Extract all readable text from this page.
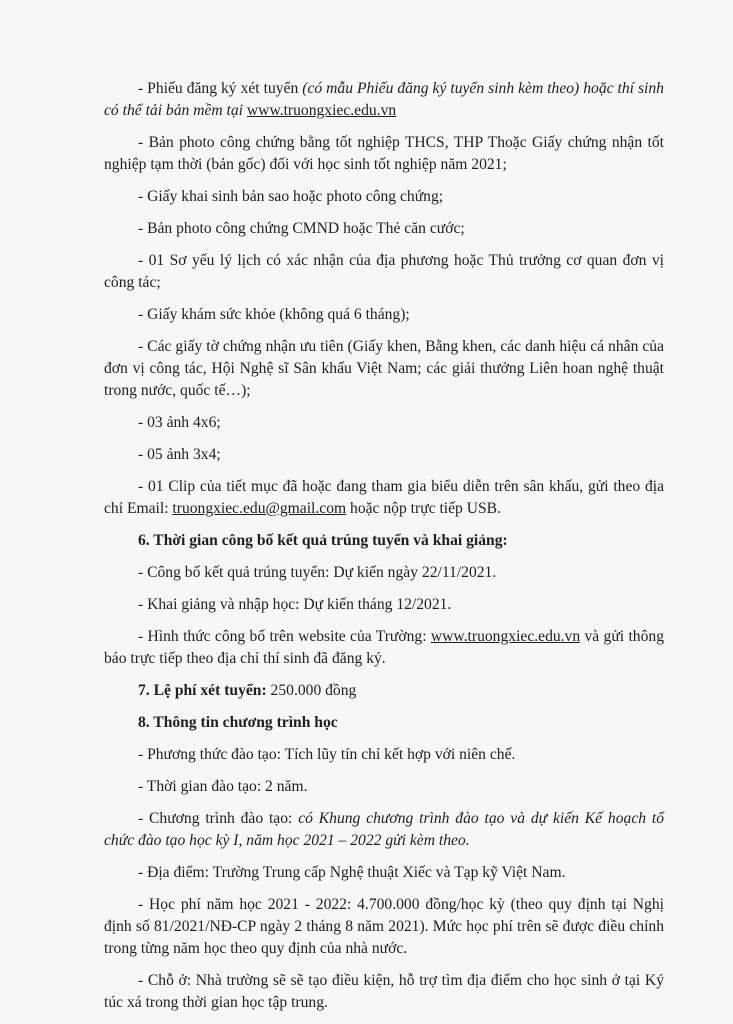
- Phiếu đăng ký xét tuyển (có mẫu Phiếu đăng ký tuyển sinh kèm theo) hoặc thí sinh có thể tải bản mềm tại www.truongxiec.edu.vn

- Bản photo công chứng bằng tốt nghiệp THCS, THP Thoặc Giấy chứng nhận tốt nghiệp tạm thời (bản gốc) đối với học sinh tốt nghiệp năm 2021;

- Giấy khai sinh bản sao hoặc photo công chứng;

- Bản photo công chứng CMND hoặc Thẻ căn cước;

- 01 Sơ yếu lý lịch có xác nhận của địa phương hoặc Thủ trưởng cơ quan đơn vị công tác;

- Giấy khám sức khỏe (không quá 6 tháng);

- Các giấy tờ chứng nhận ưu tiên (Giấy khen, Bằng khen, các danh hiệu cá nhân của đơn vị công tác, Hội Nghệ sĩ Sân khấu Việt Nam; các giải thưởng Liên hoan nghệ thuật trong nước, quốc tế…);

- 03 ảnh 4x6;

- 05 ảnh 3x4;

- 01 Clip của tiết mục đã hoặc đang tham gia biểu diễn trên sân khấu, gửi theo địa chỉ Email: truongxiec.edu@gmail.com hoặc nộp trực tiếp USB.

6. Thời gian công bố kết quả trúng tuyển và khai giảng:

- Công bố kết quả trúng tuyển: Dự kiến ngày 22/11/2021.

- Khai giảng và nhập học: Dự kiến tháng 12/2021.

- Hình thức công bố trên website của Trường: www.truongxiec.edu.vn và gửi thông báo trực tiếp theo địa chỉ thí sinh đã đăng ký.

7. Lệ phí xét tuyển: 250.000 đồng

8. Thông tin chương trình học

- Phương thức đào tạo: Tích lũy tín chỉ kết hợp với niên chế.

- Thời gian đào tạo: 2 năm.

- Chương trình đào tạo: có Khung chương trình đào tạo và dự kiến Kế hoạch tổ chức đào tạo học kỳ I, năm học 2021 – 2022 gửi kèm theo.

- Địa điểm: Trường Trung cấp Nghệ thuật Xiếc và Tạp kỹ Việt Nam.

- Học phí năm học 2021 - 2022: 4.700.000 đồng/học kỳ (theo quy định tại Nghị định số 81/2021/NĐ-CP ngày 2 tháng 8 năm 2021). Mức học phí trên sẽ được điều chỉnh trong từng năm học theo quy định của nhà nước.

- Chỗ ở: Nhà trường sẽ sẽ tạo điều kiện, hỗ trợ tìm địa điểm cho học sinh ở tại Ký túc xá trong thời gian học tập trung.
